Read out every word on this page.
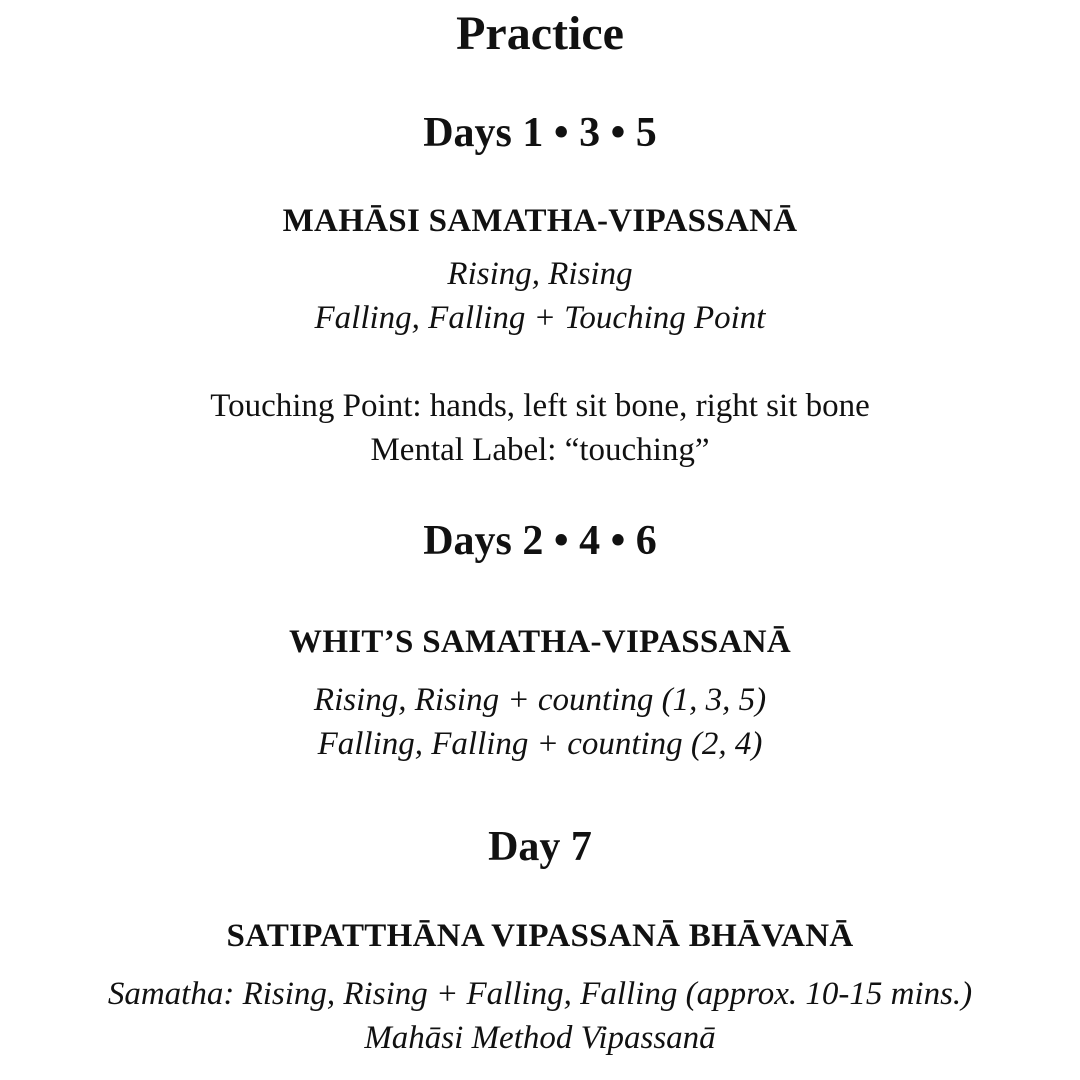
Practice
Days 1 • 3 • 5
MAHĀSI SAMATHA-VIPASSANĀ
Rising, Rising
Falling, Falling + Touching Point
Touching Point: hands, left sit bone, right sit bone
Mental Label: “touching”
Days 2 • 4 • 6
WHIT’S SAMATHA-VIPASSANĀ
Rising, Rising + counting (1, 3, 5)
Falling, Falling + counting (2, 4)
Day 7
SATIPATTHĀNA VIPASSANĀ BHĀVANĀ
Samatha: Rising, Rising + Falling, Falling (approx. 10-15 mins.)
Mahāsi Method Vipassanā
